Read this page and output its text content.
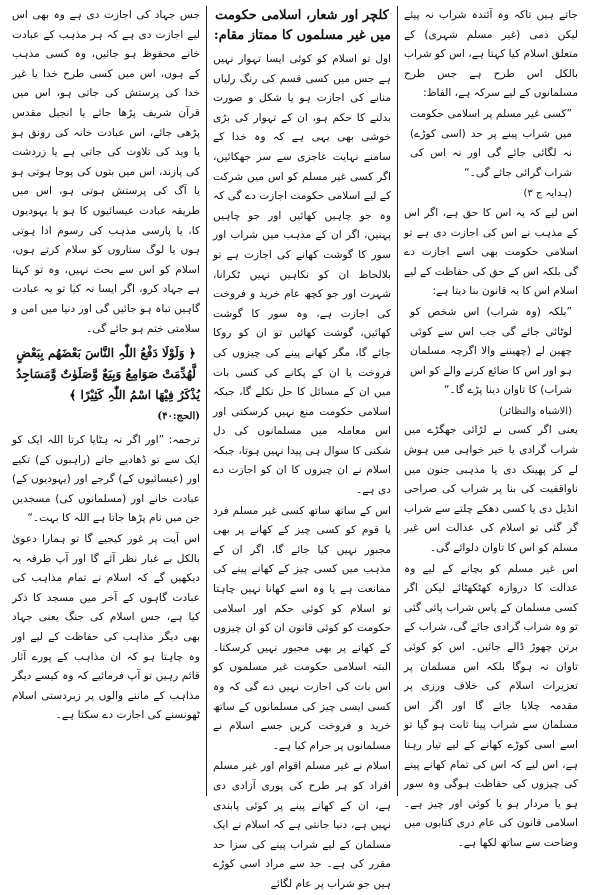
جس جہاد کی اجازت دی ہے وہ بھی اس لیے اجازت دی ہے کہ ہر مذہب کے عبادت خانے محفوظ ہو جائیں، وہ کسی مذہب کے ہوں، اس میں کسی طرح خدا یا غیر خدا کی پرستش کی جاتی ہو، اس میں قرآن شریف پڑھا جائے یا انجیل مقدس پڑھی جائے، اس عبادت خانہ کی رونق ہو یا وید کی تلاوت کی جاتی ہے یا زردشت کی پازند، اس میں بتوں کی پوجا ہوتی ہو یا آگ کی پرستش ہوتی ہو، اس میں طریقہ عبادت عیسائیوں کا ہو یا یہودیوں کا، یا پارسی مذہب کی رسوم ادا ہوتی ہوں یا لوگ ستاروں کو سلام کرتے ہوں، اسلام کو اس سے بحث نہیں، وہ تو کہتا ہے جہاد کرو، اگر ایسا نہ کیا تو یہ عبادت گاہیں تباہ ہو جائیں گی اور دنیا میں امن و سلامتی ختم ہو جائے گی۔

﴿ وَلَوْلَا دَفْعُ اللّٰہِ النَّاسَ بَعْضَھُم بِبَعْضٍ لَّھُدِّمَتْ صَوَامِعُ وَبِیَعٌ وَّصَلَوٰتٌ وَّمَسَاجِدُ یُذْکَرُ فِیْھَا اسْمُ اللّٰہِ کَثِیْرًا ﴾
(الحج:۴۰)

ترجمہ: ”اور اگر نہ ہٹایا کرتا اللہ ایک کو ایک سے تو ڈھادیے جاتے (راہبوں کے) تکیے اور (عیسائیوں کے) گرجے اور (یہودیوں کے) عبادت خانے اور (مسلمانوں کی) مسجدیں جن میں نام پڑھا جاتا ہے اللہ کا بہت۔“

اس آیت پر غور کیجیے گا تو ہمارا دعویٰ بالکل بے غبار نظر آئے گا اور آپ طرفہ یہ دیکھیں گے کہ اسلام نے تمام مذاہب کی عبادت گاہوں کے آخر میں مسجد کا ذکر کیا ہے، جس اسلام کی جنگ یعنی جہاد بھی دیگر مذاہب کی حفاظت کے لیے اور وہ چاہتا ہو کہ ان مذاہب کے پورے آثار قائم رہیں تو آپ فرمائیے کہ وہ کیسے دیگر مذاہب کے ماننے والوں پر زبردستی اسلام ٹھونسنے کی اجازت دے سکتا ہے۔

کلچر اور شعار، اسلامی حکومت میں غیر مسلموں کا ممتاز مقام:

اول تو اسلام کو کوئی ایسا تہوار نہیں ہے جس میں کسی قسم کی رنگ رلیاں منانے کی اجازت ہو یا شکل و صورت بدلنے کا حکم ہو، ان کے تہوار کی بڑی خوشی بھی یہی ہے کہ وہ خدا کے سامنے نہایت عاجزی سے سر جھکائیں، اگر کسی غیر مسلم کو اس میں شرکت کے لیے اسلامی حکومت اجازت دے گی کہ وہ جو چاہیں کھائیں اور جو چاہیں پہنیں، اگر ان کے مذہب میں شراب اور سور کا گوشت کھانے کی اجازت ہے تو بلالحاظ ان کو نکاہیں نہیں ٹکرانا، شہرت اور جو کچھ عام خرید و فروخت کی اجازت ہے، وہ سور کا گوشت کھائیں، گوشت کھائیں تو ان کو روکا جائے گا، مگر کھانے پینے کی چیزوں کی فروخت یا ان کے پکانے کی کسی بات میں ان کے مسائل کا حل نکلے گا، جبکہ اسلامی حکومت منع نہیں کرسکتی اور اس معاملہ میں مسلمانوں کی دل شکنی کا سوال ہی پیدا نہیں ہوتا، جبکہ اسلام نے ان چیزوں کا ان کو اجازت دے دی ہے۔

اس کے ساتھ ساتھ کسی غیر مسلم فرد یا قوم کو کسی چیز کے کھانے پر بھی مجبور نہیں کیا جائے گا، اگر ان کے مذہب میں کسی چیز کے کھانے پینے کی ممانعت ہے یا وہ اسے کھانا نہیں چاہتا تو اسلام کو کوئی حکم اور اسلامی حکومت کو کوئی قانون ان کو ان چیزوں کے کھانے پر بھی مجبور نہیں کرسکتا۔ البتہ اسلامی حکومت غیر مسلموں کو اس بات کی اجازت نہیں دے گی کہ وہ کسی ایسی چیز کی مسلمانوں کے ساتھ خرید و فروخت کریں جسے اسلام نے مسلمانوں پر حرام کیا ہے۔

اسلام نے غیر مسلم اقوام اور غیر مسلم افراد کو ہر طرح کی پوری آزادی دی ہے، ان کے کھانے پینے پر کوئی پابندی نہیں ہے، دنیا جانتی ہے کہ اسلام نے ایک مسلمان کے لیے شراب پینے کی سزا حد مقرر کی ہے۔ حد سے مراد اسی کوڑے ہیں جو شراب پر عام لگائے

جاتے ہیں تاکہ وہ آئندہ شراب نہ پیئے لیکن ذمی (غیر مسلم شہری) کے متعلق اسلام کیا کہتا ہے، اس کو شراب بالکل اس طرح ہے جس طرح مسلمانوں کے لیے سرکہ ہے، الفاظ:

”کسی غیر مسلم پر اسلامی حکومت میں شراب پینے پر حد (اسی کوڑے) نہ لگائی جائے گی اور نہ اس کی شراب گرائی جائے گی۔“

(ہدایہ ج ۳)

اس لیے کہ یہ اس کا حق ہے، اگر اس کے مذہب نے اس کی اجازت دی ہے تو اسلامی حکومت بھی اسے اجازت دے گی بلکہ اس کے حق کی حفاظت کے لیے اسلام اس کا یہ قانون بنا دیتا ہے:

”بلکہ (وہ شراب) اس شخص کو لوٹائی جائے گی جب اس سے کوئی چھین لے (چھیننے والا اگرچہ مسلمان ہو اور اس کا ضائع کرنے والے کو اس شراب) کا تاوان دینا پڑے گا۔“

(الاشباہ والنظائر)

یعنی اگر کسی نے لڑائی جھگڑے میں شراب گرادی یا خیر خواہی میں ہوش لے کر پھینک دی یا مذہبی جنون میں ناواقفیت کی بنا پر شراب کی صراحی انڈیل دی یا کسی دھکے چلتے سے شراب گر گئی تو اسلام کی عدالت اس غیر مسلم کو اس کا تاوان دلوائے گی۔

اس غیر مسلم کو بچانے کے لیے وہ عدالت کا دروازہ کھٹکھٹائے لیکن اگر کسی مسلمان کے پاس شراب پائی گئی تو وہ شراب گرادی جائے گی، شراب کے برتن چھوڑ ڈالے جائیں۔ اس کو کوئی تاوان نہ ہوگا بلکہ اس مسلمان پر تعزیرات اسلام کی خلاف ورزی پر مقدمہ چلایا جائے گا اور اگر اس مسلمان سے شراب پینا ثابت ہو گیا تو اسے اسی کوڑے کھانے کے لیے تیار رہنا ہے، اس لیے کہ اس کی تمام کھانے پینے کی چیزوں کی حفاظت ہوگی وہ سور ہو یا مردار ہو یا کوئی اور چیز ہے۔ اسلامی قانون کی عام دری کتابوں میں وضاحت سے ساتھ لکھا ہے۔
